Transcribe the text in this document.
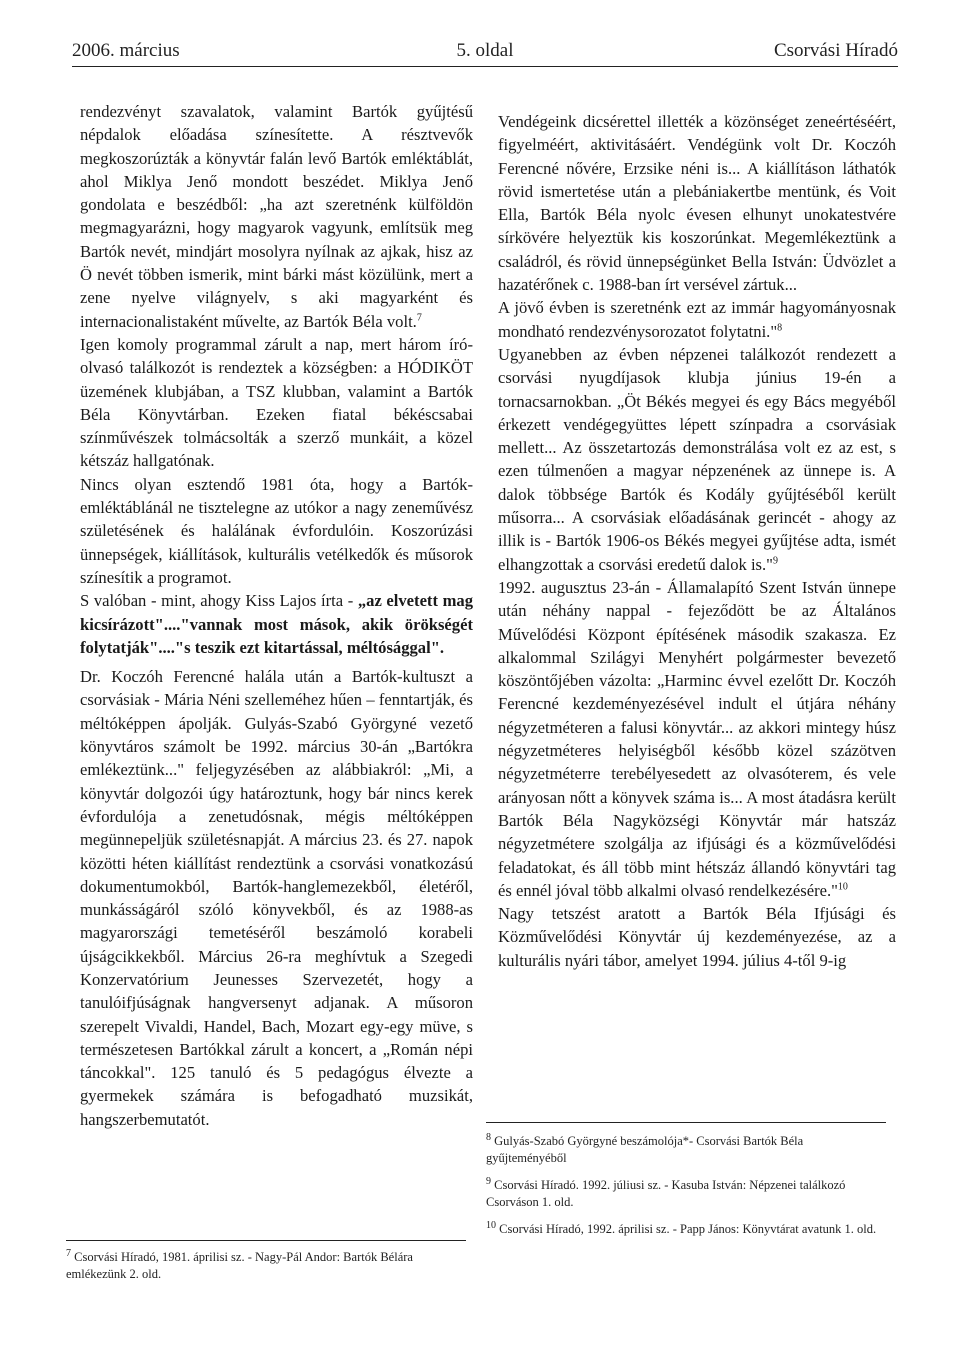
2006. március	5. oldal	Csorvási Híradó

rendezvényt szavalatok, valamint Bartók gyűjtésű népdalok előadása színesítette. A résztvevők megkoszorúzták a könyvtár falán levő Bartók emléktáblát, ahol Miklya Jenő mondott beszédet. Miklya Jenő gondolata e beszédből: „ha azt szeretnénk külföldön megmagyarázni, hogy magyarok vagyunk, említsük meg Bartók nevét, mindjárt mosolyra nyílnak az ajkak, hisz az Ö nevét többen ismerik, mint bárki mást közülünk, mert a zene nyelve világnyelv, s aki magyarként és internacionalistaként művelte, az Bartók Béla volt.$^7$

Igen komoly programmal zárult a nap, mert három író-olvasó találkozót is rendeztek a községben: a HÓDIKÖT üzemének klubjában, a TSZ klubban, valamint a Bartók Béla Könyvtárban. Ezeken fiatal békéscsabai színművészek tolmácsolták a szerző munkáit, a közel kétszáz hallgatónak.

Nincs olyan esztendő 1981 óta, hogy a Bartók-emléktáblánál ne tisztelegne az utókor a nagy zeneművész születésének és halálának évfordulóin. Koszorúzási ünnepségek, kiállítások, kulturális vetélkedők és műsorok színesítik a programot.

S valóban - mint, ahogy Kiss Lajos írta - „az elvetett mag kicsírázott"...."vannak most mások, akik örökségét folytatják"...."s teszik ezt kitartással, méltósággal".

Dr. Koczóh Ferencné halála után a Bartók-kultuszt a csorvásiak - Mária Néni szelleméhez hűen – fenntartják, és méltóképpen ápolják. Gulyás-Szabó Györgyné vezető könyvtáros számolt be 1992. március 30-án „Bartókra emlékeztünk..." feljegyzésében az alábbiakról: „Mi, a könyvtár dolgozói úgy határoztunk, hogy bár nincs kerek évfordulója a zenetudósnak, mégis méltóképpen megünnepeljük születésnapját. A március 23. és 27. napok közötti héten kiállítást rendeztünk a csorvási vonatkozású dokumentumokból, Bartók-hanglemezekből, életéről, munkásságáról szóló könyvekből, és az 1988-as magyarországi temetéséről beszámoló korabeli újságcikkekből. Március 26-ra meghívtuk a Szegedi Konzervatórium Jeunesses Szervezetét, hogy a tanulóifjúságnak hangversenyt adjanak. A műsoron szerepelt Vivaldi, Handel, Bach, Mozart egy-egy müve, s természetesen Bartókkal zárult a koncert, a „Román népi táncokkal". 125 tanuló és 5 pedagógus élvezte a gyermekek számára is befogadható muzsikát, hangszerbemutatót.

Vendégeink dicsérettel illették a közönséget zeneértéséért, figyelméért, aktivitásáért. Vendégünk volt Dr. Koczóh Ferencné nővére, Erzsike néni is... A kiállításon láthatók rövid ismertetése után a plebániakertbe mentünk, és Voit Ella, Bartók Béla nyolc évesen elhunyt unokatestvére sírkövére helyeztük kis koszorúnkat. Megemlékeztünk a családról, és rövid ünnepségünket Bella István: Üdvözlet a hazatérőnek c. 1988-ban írt versével zártuk...

A jövő évben is szeretnénk ezt az immár hagyományosnak mondható rendezvénysorozatot folytatni."$^8$

Ugyanebben az évben népzenei találkozót rendezett a csorvási nyugdíjasok klubja június 19-én a tornacsarnokban. „Öt Békés megyei és egy Bács megyéből érkezett vendégegyüttes lépett színpadra a csorvásiak mellett... Az összetartozás demonstrálása volt ez az est, s ezen túlmenően a magyar népzenének az ünnepe is. A dalok többsége Bartók és Kodály gyűjtéséből került műsorra... A csorvásiak előadásának gerincét - ahogy az illik is - Bartók 1906-os Békés megyei gyűjtése adta, ismét elhangzottak a csorvási eredetű dalok is."$^9$

1992. augusztus 23-án - Államalapító Szent István ünnepe után néhány nappal - fejeződött be az Általános Művelődési Központ építésének második szakasza. Ez alkalommal Szilágyi Menyhért polgármester bevezető köszöntőjében vázolta: „Harminc évvel ezelőtt Dr. Koczóh Ferencné kezdeményezésével indult el útjára néhány négyzetméteren a falusi könyvtár... az akkori mintegy húsz négyzetméteres helyiségből később közel százötven négyzetméterre terebélyesedett az olvasóterem, és vele arányosan nőtt a könyvek száma is... A most átadásra került Bartók Béla Nagyközségi Könyvtár már hatszáz négyzetmétere szolgálja az ifjúsági és a közművelődési feladatokat, és áll több mint hétszáz állandó könyvtári tag és ennél jóval több alkalmi olvasó rendelkezésére."$^{10}$

Nagy tetszést aratott a Bartók Béla Ifjúsági és Közművelődési Könyvtár új kezdeményezése, az a kulturális nyári tábor, amelyet 1994. július 4-től 9-ig

$^8$ Gulyás-Szabó Györgyné beszámolója*- Csorvási Bartók Béla gyűjteményéből

$^9$ Csorvási Híradó. 1992. júliusi sz. - Kasuba István: Népzenei találkozó Csorváson 1. old.

$^{10}$ Csorvási Híradó, 1992. áprilisi sz. - Papp János: Könyvtárat avatunk 1. old.

$^7$ Csorvási Híradó, 1981. áprilisi sz. - Nagy-Pál Andor: Bartók Bélára emlékezünk 2. old.
